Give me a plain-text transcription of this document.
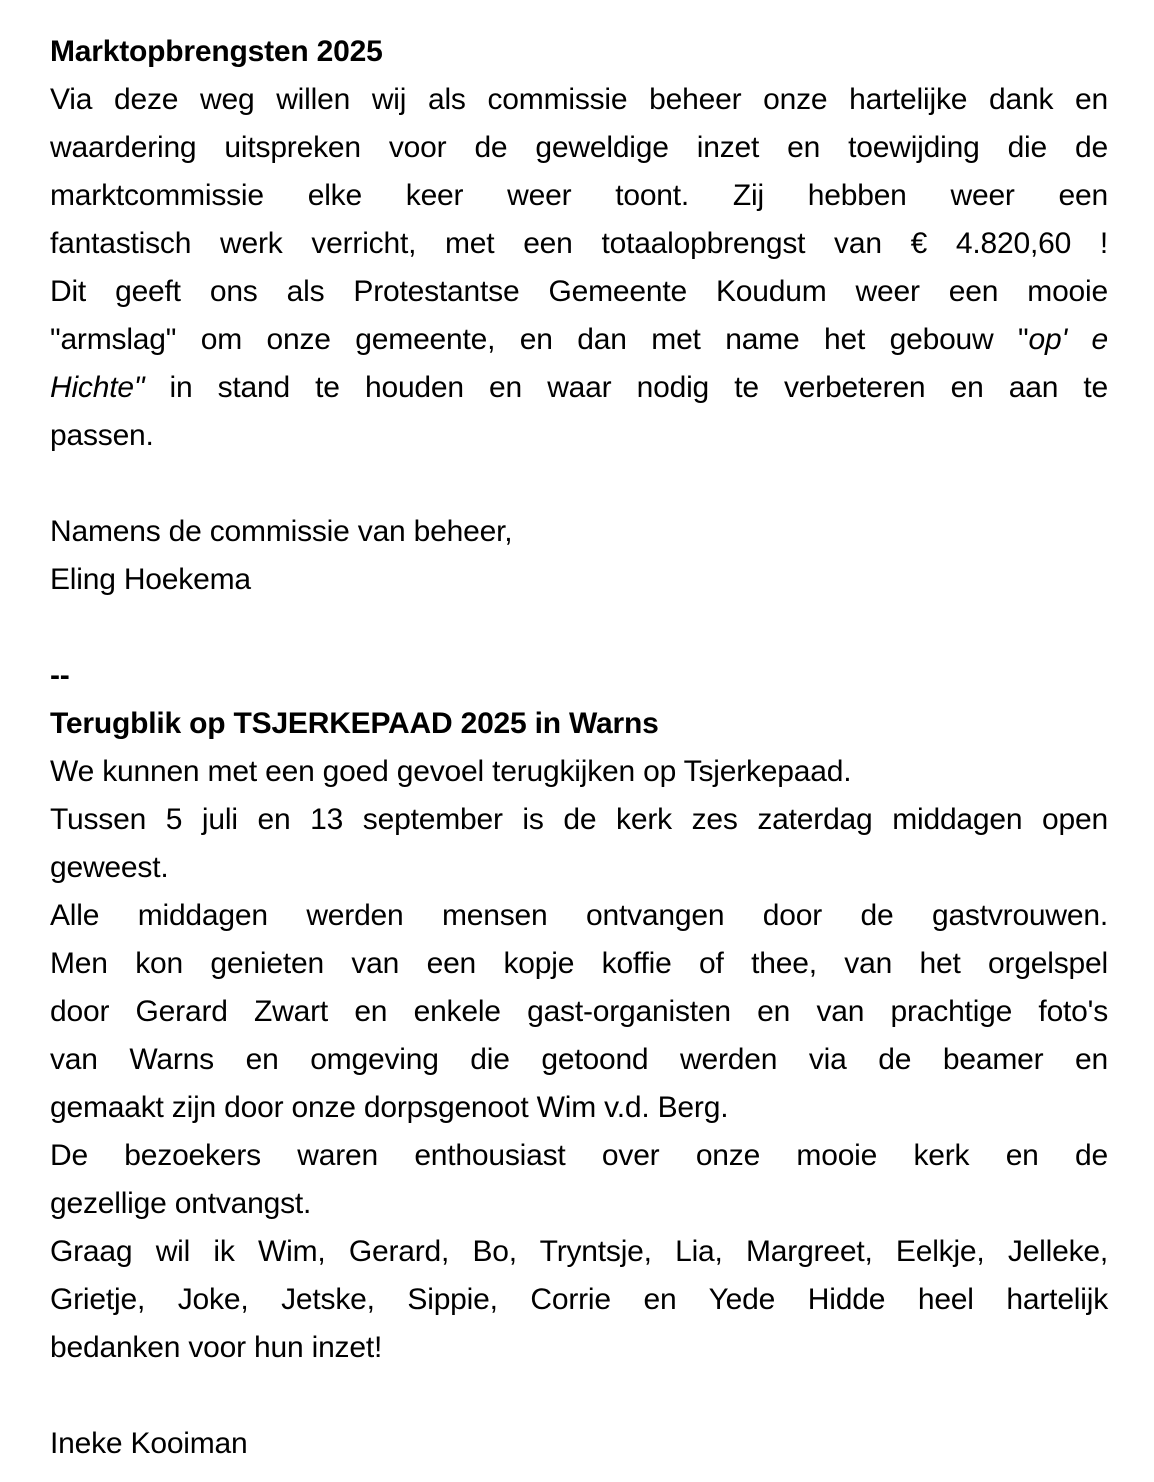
Marktopbrengsten 2025
Via deze weg willen wij als commissie beheer onze hartelijke dank en
waardering uitspreken voor de geweldige inzet en toewijding die de
marktcommissie elke keer weer toont. Zij hebben weer een
fantastisch werk verricht, met een totaalopbrengst van € 4.820,60 !
Dit geeft ons als Protestantse Gemeente Koudum weer een mooie
"armslag" om onze gemeente, en dan met name het gebouw "op' e
Hichte" in stand te houden en waar nodig te verbeteren en aan te
passen.
Namens de commissie van beheer,
Eling Hoekema
--
Terugblik op TSJERKEPAAD 2025 in Warns
We kunnen met een goed gevoel terugkijken op Tsjerkepaad.
Tussen 5 juli en 13 september is de kerk zes zaterdag middagen open
geweest.
Alle middagen werden mensen ontvangen door de gastvrouwen.
Men kon genieten van een kopje koffie of thee, van het orgelspel
door Gerard Zwart en enkele gast-organisten en van prachtige foto's
van Warns en omgeving die getoond werden via de beamer en
gemaakt zijn door onze dorpsgenoot Wim v.d. Berg.
De bezoekers waren enthousiast over onze mooie kerk en de
gezellige ontvangst.
Graag wil ik Wim, Gerard, Bo, Tryntsje, Lia, Margreet, Eelkje, Jelleke,
Grietje, Joke, Jetske, Sippie, Corrie en Yede Hidde heel hartelijk
bedanken voor hun inzet!
Ineke Kooiman
